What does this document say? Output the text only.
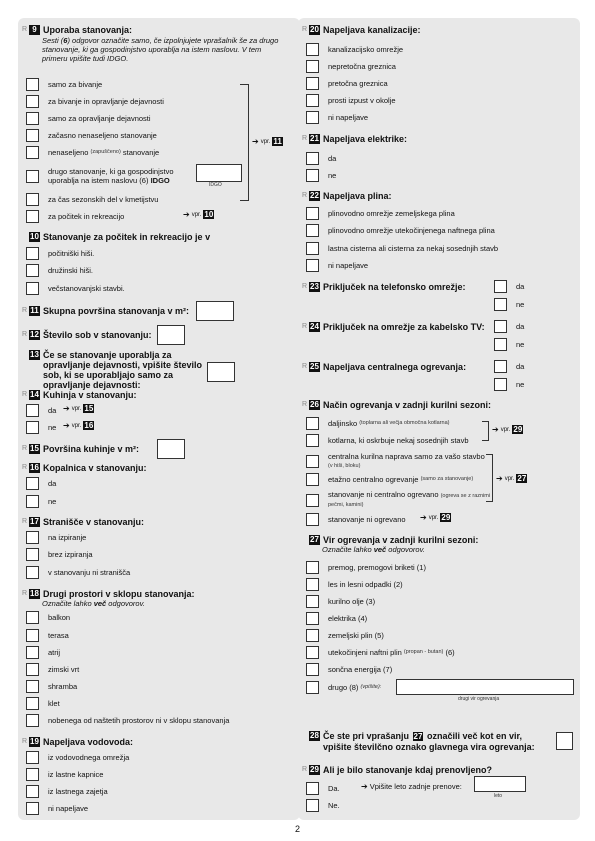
R 9 Uporaba stanovanja:
Sesti (6) odgovor označite samo, če izpolnjujete vprašalnik še za drugo stanovanje, ki ga gospodinjstvo uporablja na istem naslovu. V tem primeru vpišite tudi IDGO.
samo za bivanje
za bivanje in opravljanje dejavnosti
samo za opravljanje dejavnosti
začasno nenaseljeno stanovanje
nenaseljeno
(zapuščeno)
stanovanje
drugo stanovanje, ki ga gospodinjstvo
uporablja na istem naslovu (6) IDGO	IDGO
za čas sezonskih del v kmetijstvu
za počitek in rekreacijo	➔ vpr. 10
➔ vpr. 11
10 Stanovanje za počitek in rekreacijo je v
počitniški hiši.
družinski hiši.
večstanovanjski stavbi.
R 11 Skupna površina stanovanja v m²:
R 12 Število sob v stanovanju:
13 Če se stanovanje uporablja za opravljanje dejavnosti, vpišite število sob, ki se uporabljajo samo za opravljanje dejavnosti:
R 14 Kuhinja v stanovanju:
da ➔ vpr. 15
ne ➔ vpr. 16
R 15 Površina kuhinje v m²:
R 16 Kopalnica v stanovanju:
da
ne
R 17 Stranišče v stanovanju:
na izpiranje
brez izpiranja
v stanovanju ni stranišča
R 18 Drugi prostori v sklopu stanovanja:
Označite lahko več odgovorov.
balkon
terasa
atrij
zimski vrt
shramba
klet
nobenega od naštetih prostorov ni v sklopu stanovanja
R 19 Napeljava vodovoda:
iz vodovodnega omrežja
iz lastne kapnice
iz lastnega zajetja
ni napeljave
R 20 Napeljava kanalizacije:
kanalizacijsko omrežje
nepretočna greznica
pretočna greznica
prosti izpust v okolje
ni napeljave
R 21 Napeljava elektrike:
da
ne
R 22 Napeljava plina:
plinovodno omrežje zemeljskega plina
plinovodno omrežje utekočinjenega naftnega plina
lastna cisterna ali cisterna za nekaj sosednjih stavb
ni napeljave
R 23 Priključek na telefonsko omrežje:	da
ne
R 24 Priključek na omrežje za kabelsko TV:	da
ne
R 25 Napeljava centralnega ogrevanja:	da
ne
R 26 Način ogrevanja v zadnji kurilni sezoni:
daljinsko
(toplarna ali večja območna kotlarna)
kotlarna, ki oskrbuje nekaj sosednjih stavb
centralna kurilna naprava samo za vašo stavbo
(v hiši, bloku)
etažno centralno ogrevanje
(samo za stanovanje)
stanovanje ni centralno ogrevano (ogreva se z raznimi
pečmi, kamini)
stanovanje ni ogrevano ➔ vpr. 29
➔ vpr. 29
➔ vpr. 27
27 Vir ogrevanja v zadnji kurilni sezoni:
Označite lahko več odgovorov.
premog, premogovi briketi (1)
les in lesni odpadki (2)
kurilno olje (3)
elektrika (4)
zemeljski plin (5)
utekočinjeni naftni plin
(propan - butan)
(6)
sončna energija (7)
drugo (8)
(vpišite):
drugi vir ogrevanja
28 Če ste pri vprašanju 27 označili več kot en vir,
vpišite številčno oznako glavnega vira ogrevanja:
R 29 Ali je bilo stanovanje kdaj prenovljeno?
Da.	➔ Vpišite leto zadnje prenove:
leto
Ne.
2
